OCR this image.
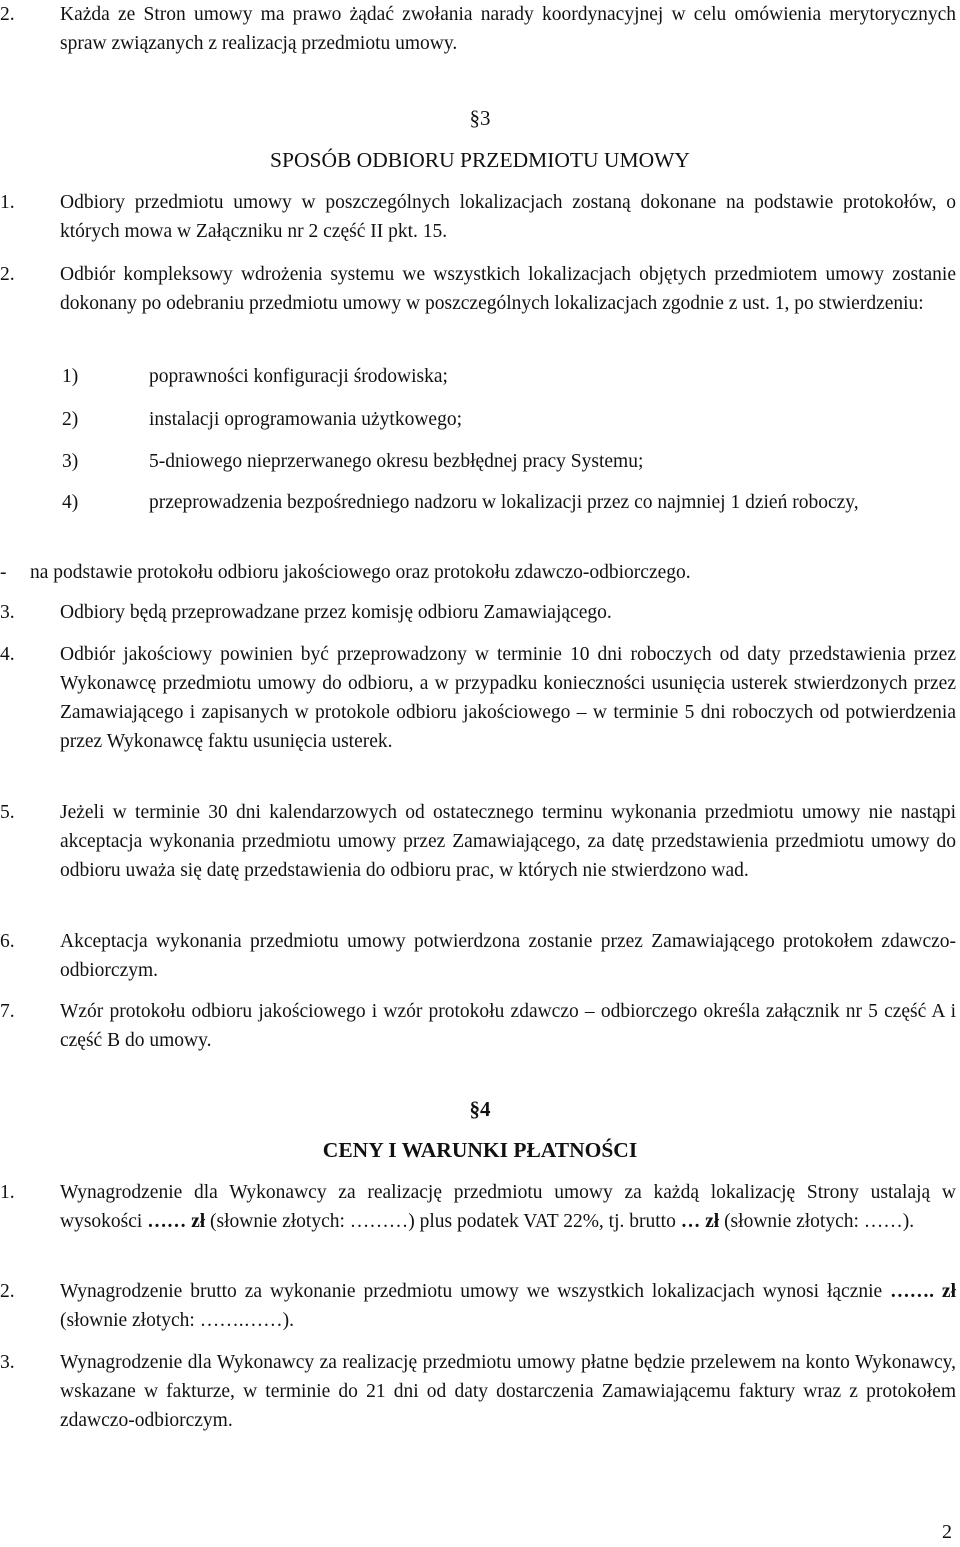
2.	Każda ze Stron umowy ma prawo żądać zwołania narady koordynacyjnej w celu omówienia merytorycznych spraw związanych z realizacją przedmiotu umowy.
§3
SPOSÓB ODBIORU PRZEDMIOTU UMOWY
1.	Odbiory przedmiotu umowy w poszczególnych lokalizacjach zostaną dokonane na podstawie protokołów, o których mowa w Załączniku nr 2 część II pkt. 15.
2.	Odbiór kompleksowy wdrożenia systemu we wszystkich lokalizacjach objętych przedmiotem umowy zostanie dokonany po odebraniu przedmiotu umowy w poszczególnych lokalizacjach zgodnie z ust. 1, po stwierdzeniu:
1)	poprawności konfiguracji środowiska;
2)	instalacji oprogramowania użytkowego;
3)	5-dniowego nieprzerwanego okresu bezbłędnej pracy Systemu;
4)	przeprowadzenia bezpośredniego nadzoru w lokalizacji przez co najmniej 1 dzień roboczy,
-	na podstawie protokołu odbioru jakościowego oraz protokołu zdawczo-odbiorczego.
3.	Odbiory będą przeprowadzane przez komisję odbioru Zamawiającego.
4.	Odbiór jakościowy powinien być przeprowadzony w terminie 10 dni roboczych od daty przedstawienia przez Wykonawcę przedmiotu umowy do odbioru, a w przypadku konieczności usunięcia usterek stwierdzonych przez Zamawiającego i zapisanych w protokole odbioru jakościowego – w terminie 5 dni roboczych od potwierdzenia przez Wykonawcę faktu usunięcia usterek.
5.	Jeżeli w terminie 30 dni kalendarzowych od ostatecznego terminu wykonania przedmiotu umowy nie nastąpi akceptacja wykonania przedmiotu umowy przez Zamawiającego, za datę przedstawienia przedmiotu umowy do odbioru uważa się datę przedstawienia do odbioru prac, w których nie stwierdzono wad.
6.	Akceptacja wykonania przedmiotu umowy potwierdzona zostanie przez Zamawiającego protokołem zdawczo-odbiorczym.
7.	Wzór protokołu odbioru jakościowego i wzór protokołu zdawczo – odbiorczego określa załącznik nr 5 część A i część B do umowy.
§4
CENY I WARUNKI PŁATNOŚCI
1.	Wynagrodzenie dla Wykonawcy za realizację przedmiotu umowy za każdą lokalizację Strony ustalają w wysokości …… zł (słownie złotych: ………) plus podatek VAT 22%, tj. brutto … zł (słownie złotych: ……).
2.	Wynagrodzenie brutto za wykonanie przedmiotu umowy we wszystkich lokalizacjach wynosi łącznie ……. zł (słownie złotych: …….……).
3.	Wynagrodzenie dla Wykonawcy za realizację przedmiotu umowy płatne będzie przelewem na konto Wykonawcy, wskazane w fakturze, w terminie do 21 dni od daty dostarczenia Zamawiającemu faktury wraz z protokołem zdawczo-odbiorczym.
2
